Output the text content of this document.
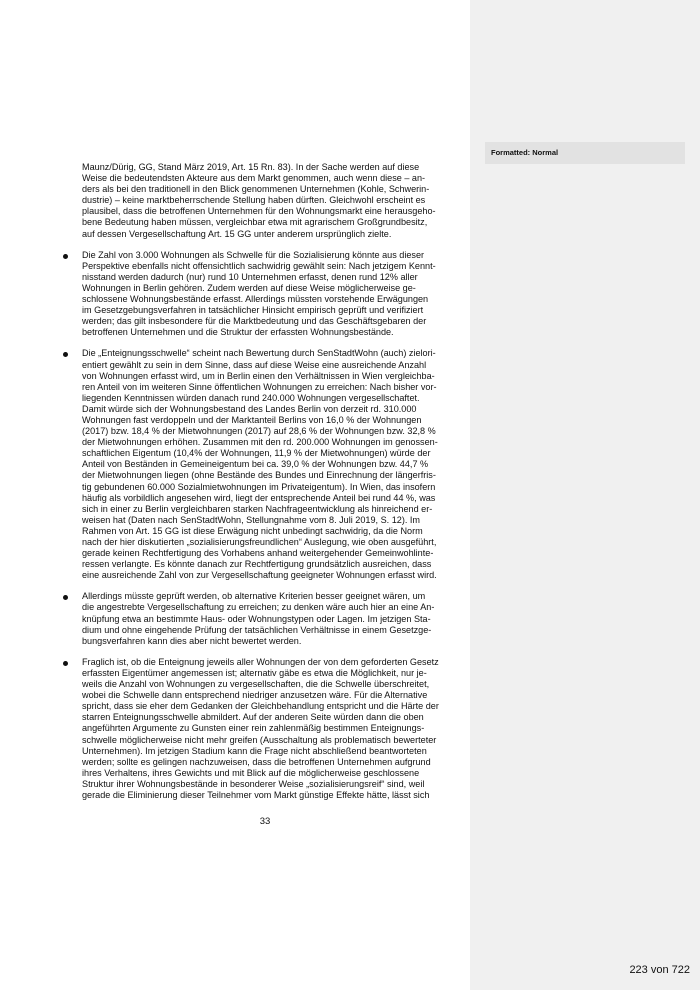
Formatted: Normal
Maunz/Dürig, GG, Stand März 2019, Art. 15 Rn. 83). In der Sache werden auf diese
Weise die bedeutendsten Akteure aus dem Markt genommen, auch wenn diese – an-
ders als bei den traditionell in den Blick genommenen Unternehmen (Kohle, Schwerin-
dustrie) – keine marktbeherrschende Stellung haben dürften. Gleichwohl erscheint es
plausibel, dass die betroffenen Unternehmen für den Wohnungsmarkt eine herausgeho-
bene Bedeutung haben müssen, vergleichbar etwa mit agrarischem Großgrundbesitz,
auf dessen Vergesellschaftung Art. 15 GG unter anderem ursprünglich zielte.
Die Zahl von 3.000 Wohnungen als Schwelle für die Sozialisierung könnte aus dieser
Perspektive ebenfalls nicht offensichtlich sachwidrig gewählt sein: Nach jetzigem Kennt-
nisstand werden dadurch (nur) rund 10 Unternehmen erfasst, denen rund 12% aller
Wohnungen in Berlin gehören. Zudem werden auf diese Weise möglicherweise ge-
schlossene Wohnungsbestände erfasst. Allerdings müssten vorstehende Erwägungen
im Gesetzgebungsverfahren in tatsächlicher Hinsicht empirisch geprüft und verifiziert
werden; das gilt insbesondere für die Marktbedeutung und das Geschäftsgebaren der
betroffenen Unternehmen und die Struktur der erfassten Wohnungsbestände.
Die „Enteignungsschwelle“ scheint nach Bewertung durch SenStadtWohn (auch) zielori-
entiert gewählt zu sein in dem Sinne, dass auf diese Weise eine ausreichende Anzahl
von Wohnungen erfasst wird, um in Berlin einen den Verhältnissen in Wien vergleichba-
ren Anteil von im weiteren Sinne öffentlichen Wohnungen zu erreichen: Nach bisher vor-
liegenden Kenntnissen würden danach rund 240.000 Wohnungen vergesellschaftet.
Damit würde sich der Wohnungsbestand des Landes Berlin von derzeit rd. 310.000
Wohnungen fast verdoppeln und der Marktanteil Berlins von 16,0 % der Wohnungen
(2017) bzw. 18,4 % der Mietwohnungen (2017) auf 28,6 % der Wohnungen bzw. 32,8 %
der Mietwohnungen erhöhen. Zusammen mit den rd. 200.000 Wohnungen im genossen-
schaftlichen Eigentum (10,4% der Wohnungen, 11,9 % der Mietwohnungen) würde der
Anteil von Beständen in Gemeineigentum bei ca. 39,0 % der Wohnungen bzw. 44,7 %
der Mietwohnungen liegen (ohne Bestände des Bundes und Einrechnung der längerfris-
tig gebundenen 60.000 Sozialmietwohnungen im Privateigentum). In Wien, das insofern
häufig als vorbildlich angesehen wird, liegt der entsprechende Anteil bei rund 44 %, was
sich in einer zu Berlin vergleichbaren starken Nachfrageentwicklung als hinreichend er-
weisen hat (Daten nach SenStadtWohn, Stellungnahme vom 8. Juli 2019, S. 12). Im
Rahmen von Art. 15 GG ist diese Erwägung nicht unbedingt sachwidrig, da die Norm
nach der hier diskutierten „sozialisierungsfreundlichen“ Auslegung, wie oben ausgeführt,
gerade keinen Rechtfertigung des Vorhabens anhand weitergehender Gemeinwohlinte-
ressen verlangte. Es könnte danach zur Rechtfertigung grundsätzlich ausreichen, dass
eine ausreichende Zahl von zur Vergesellschaftung geeigneter Wohnungen erfasst wird.
Allerdings müsste geprüft werden, ob alternative Kriterien besser geeignet wären, um
die angestrebte Vergesellschaftung zu erreichen; zu denken wäre auch hier an eine An-
knüpfung etwa an bestimmte Haus- oder Wohnungstypen oder Lagen. Im jetzigen Sta-
dium und ohne eingehende Prüfung der tatsächlichen Verhältnisse in einem Gesetzge-
bungsverfahren kann dies aber nicht bewertet werden.
Fraglich ist, ob die Enteignung jeweils aller Wohnungen der von dem geforderten Gesetz
erfassten Eigentümer angemessen ist; alternativ gäbe es etwa die Möglichkeit, nur je-
weils die Anzahl von Wohnungen zu vergesellschaften, die die Schwelle überschreitet,
wobei die Schwelle dann entsprechend niedriger anzusetzen wäre. Für die Alternative
spricht, dass sie eher dem Gedanken der Gleichbehandlung entspricht und die Härte der
starren Enteignungsschwelle abmildert. Auf der anderen Seite würden dann die oben
angeführten Argumente zu Gunsten einer rein zahlenmäßig bestimmen Enteignungs-
schwelle möglicherweise nicht mehr greifen (Ausschaltung als problematisch bewerteter
Unternehmen). Im jetzigen Stadium kann die Frage nicht abschließend beantworteten
werden; sollte es gelingen nachzuweisen, dass die betroffenen Unternehmen aufgrund
ihres Verhaltens, ihres Gewichts und mit Blick auf die möglicherweise geschlossene
Struktur ihrer Wohnungsbestände in besonderer Weise „sozialisierungsreif“ sind, weil
gerade die Eliminierung dieser Teilnehmer vom Markt günstige Effekte hätte, lässt sich
33
223 von 722
